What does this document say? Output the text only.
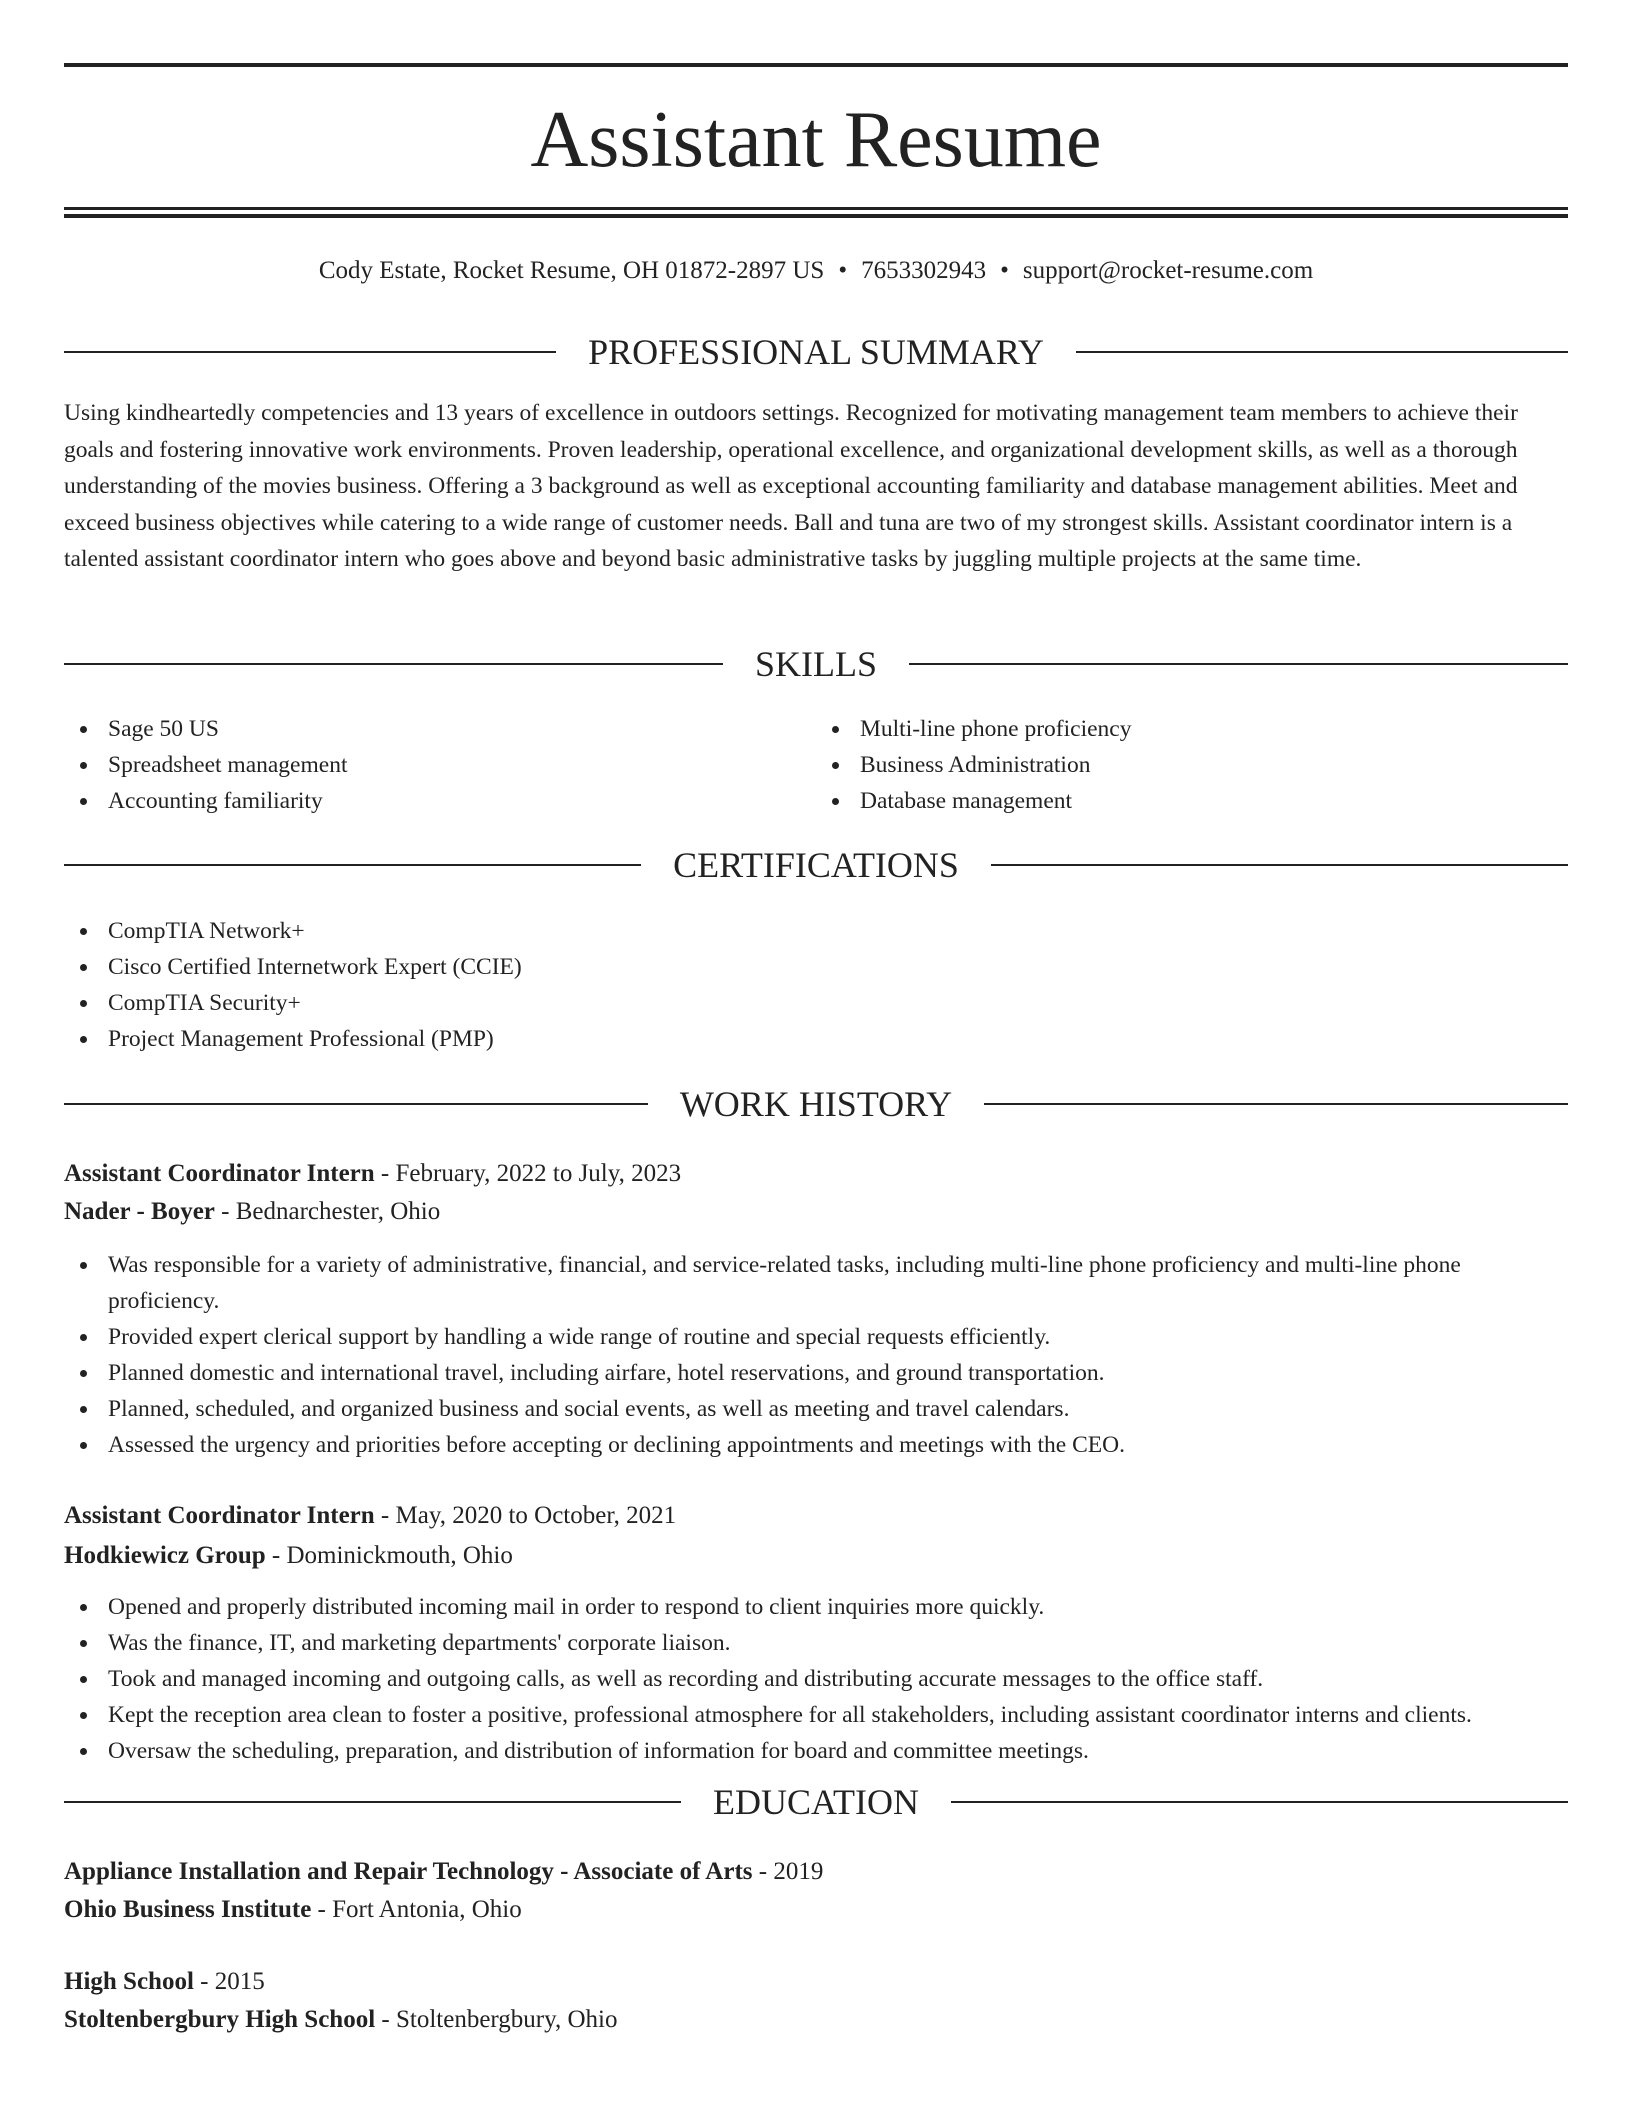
Assistant Resume
Cody Estate, Rocket Resume, OH 01872-2897 US • 7653302943 • support@rocket-resume.com
PROFESSIONAL SUMMARY

Using kindheartedly competencies and 13 years of excellence in outdoors settings. Recognized for motivating management team members to achieve their goals and fostering innovative work environments. Proven leadership, operational excellence, and organizational development skills, as well as a thorough understanding of the movies business. Offering a 3 background as well as exceptional accounting familiarity and database management abilities. Meet and exceed business objectives while catering to a wide range of customer needs. Ball and tuna are two of my strongest skills. Assistant coordinator intern is a talented assistant coordinator intern who goes above and beyond basic administrative tasks by juggling multiple projects at the same time.

SKILLS
Sage 50 US
Spreadsheet management
Accounting familiarity
Multi-line phone proficiency
Business Administration
Database management
CERTIFICATIONS
CompTIA Network+
Cisco Certified Internetwork Expert (CCIE)
CompTIA Security+
Project Management Professional (PMP)
WORK HISTORY
Assistant Coordinator Intern - February, 2022 to July, 2023
Nader - Boyer - Bednarchester, Ohio
Was responsible for a variety of administrative, financial, and service-related tasks, including multi-line phone proficiency and multi-line phone proficiency.
Provided expert clerical support by handling a wide range of routine and special requests efficiently.
Planned domestic and international travel, including airfare, hotel reservations, and ground transportation.
Planned, scheduled, and organized business and social events, as well as meeting and travel calendars.
Assessed the urgency and priorities before accepting or declining appointments and meetings with the CEO.
Assistant Coordinator Intern - May, 2020 to October, 2021
Hodkiewicz Group - Dominickmouth, Ohio
Opened and properly distributed incoming mail in order to respond to client inquiries more quickly.
Was the finance, IT, and marketing departments' corporate liaison.
Took and managed incoming and outgoing calls, as well as recording and distributing accurate messages to the office staff.
Kept the reception area clean to foster a positive, professional atmosphere for all stakeholders, including assistant coordinator interns and clients.
Oversaw the scheduling, preparation, and distribution of information for board and committee meetings.
EDUCATION
Appliance Installation and Repair Technology - Associate of Arts - 2019
Ohio Business Institute - Fort Antonia, Ohio
High School - 2015
Stoltenbergbury High School - Stoltenbergbury, Ohio
